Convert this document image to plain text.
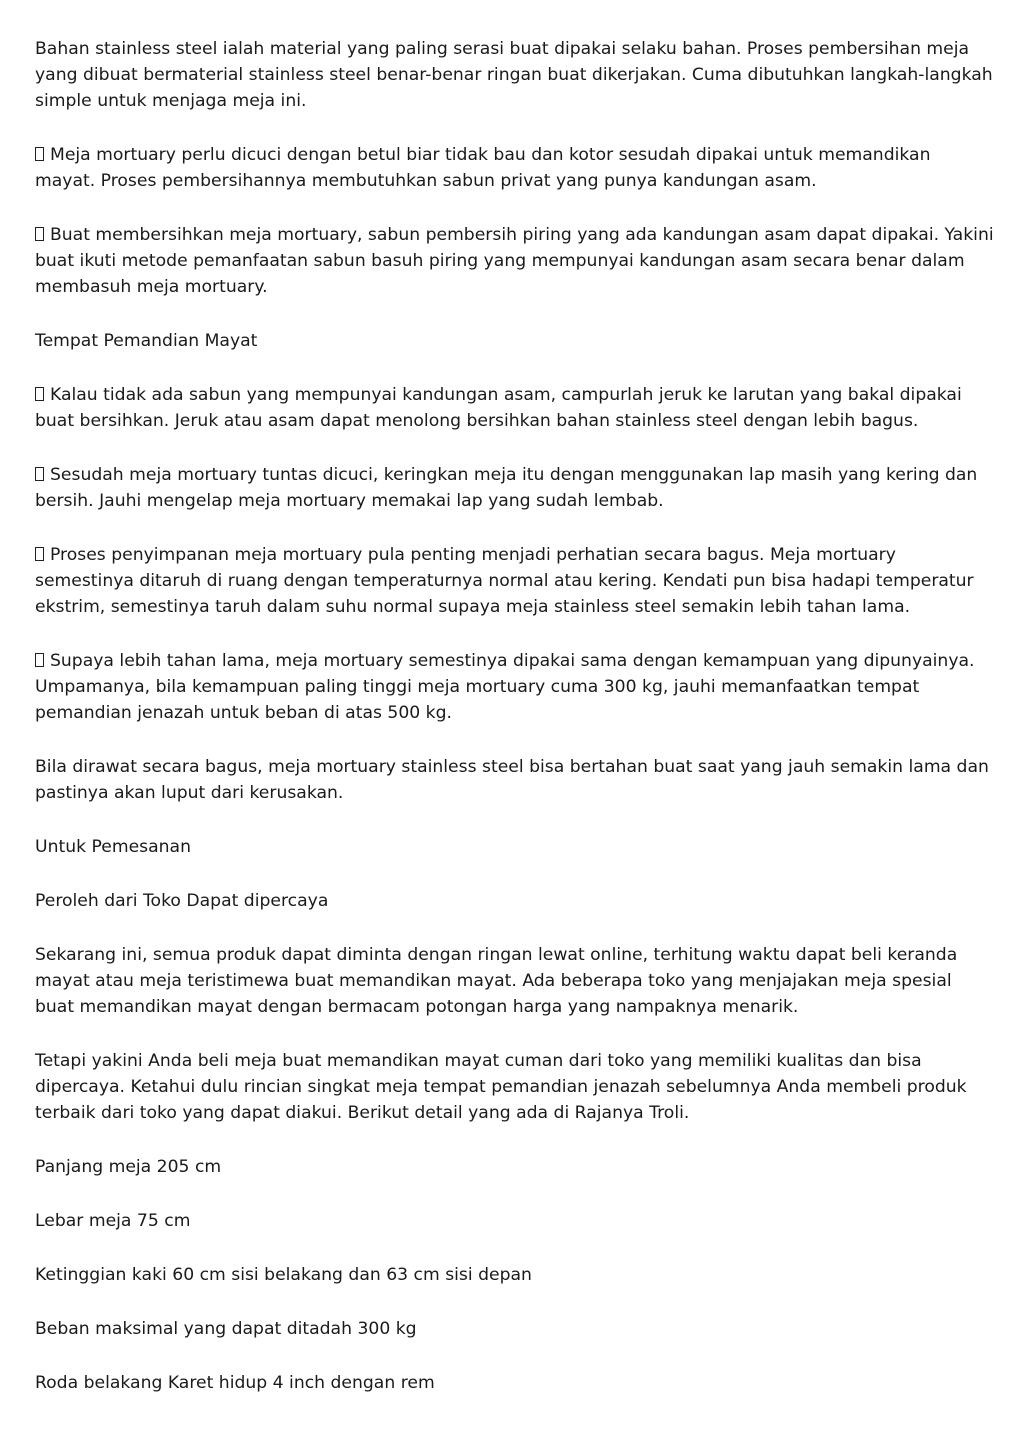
Bahan stainless steel ialah material yang paling serasi buat dipakai selaku bahan. Proses pembersihan meja yang dibuat bermaterial stainless steel benar-benar ringan buat dikerjakan. Cuma dibutuhkan langkah-langkah simple untuk menjaga meja ini.

Meja mortuary perlu dicuci dengan betul biar tidak bau dan kotor sesudah dipakai untuk memandikan mayat. Proses pembersihannya membutuhkan sabun privat yang punya kandungan asam.

Buat membersihkan meja mortuary, sabun pembersih piring yang ada kandungan asam dapat dipakai. Yakini buat ikuti metode pemanfaatan sabun basuh piring yang mempunyai kandungan asam secara benar dalam membasuh meja mortuary.

Tempat Pemandian Mayat

Kalau tidak ada sabun yang mempunyai kandungan asam, campurlah jeruk ke larutan yang bakal dipakai buat bersihkan. Jeruk atau asam dapat menolong bersihkan bahan stainless steel dengan lebih bagus.

Sesudah meja mortuary tuntas dicuci, keringkan meja itu dengan menggunakan lap masih yang kering dan bersih. Jauhi mengelap meja mortuary memakai lap yang sudah lembab.

Proses penyimpanan meja mortuary pula penting menjadi perhatian secara bagus. Meja mortuary semestinya ditaruh di ruang dengan temperaturnya normal atau kering. Kendati pun bisa hadapi temperatur ekstrim, semestinya taruh dalam suhu normal supaya meja stainless steel semakin lebih tahan lama.

Supaya lebih tahan lama, meja mortuary semestinya dipakai sama dengan kemampuan yang dipunyainya. Umpamanya, bila kemampuan paling tinggi meja mortuary cuma 300 kg, jauhi memanfaatkan tempat pemandian jenazah untuk beban di atas 500 kg.

Bila dirawat secara bagus, meja mortuary stainless steel bisa bertahan buat saat yang jauh semakin lama dan pastinya akan luput dari kerusakan.

Untuk Pemesanan

Peroleh dari Toko Dapat dipercaya

Sekarang ini, semua produk dapat diminta dengan ringan lewat online, terhitung waktu dapat beli keranda mayat atau meja teristimewa buat memandikan mayat. Ada beberapa toko yang menjajakan meja spesial buat memandikan mayat dengan bermacam potongan harga yang nampaknya menarik.

Tetapi yakini Anda beli meja buat memandikan mayat cuman dari toko yang memiliki kualitas dan bisa dipercaya. Ketahui dulu rincian singkat meja tempat pemandian jenazah sebelumnya Anda membeli produk terbaik dari toko yang dapat diakui. Berikut detail yang ada di Rajanya Troli.

Panjang meja 205 cm

Lebar meja 75 cm

Ketinggian kaki 60 cm sisi belakang dan 63 cm sisi depan

Beban maksimal yang dapat ditadah 300 kg

Roda belakang Karet hidup 4 inch dengan rem
